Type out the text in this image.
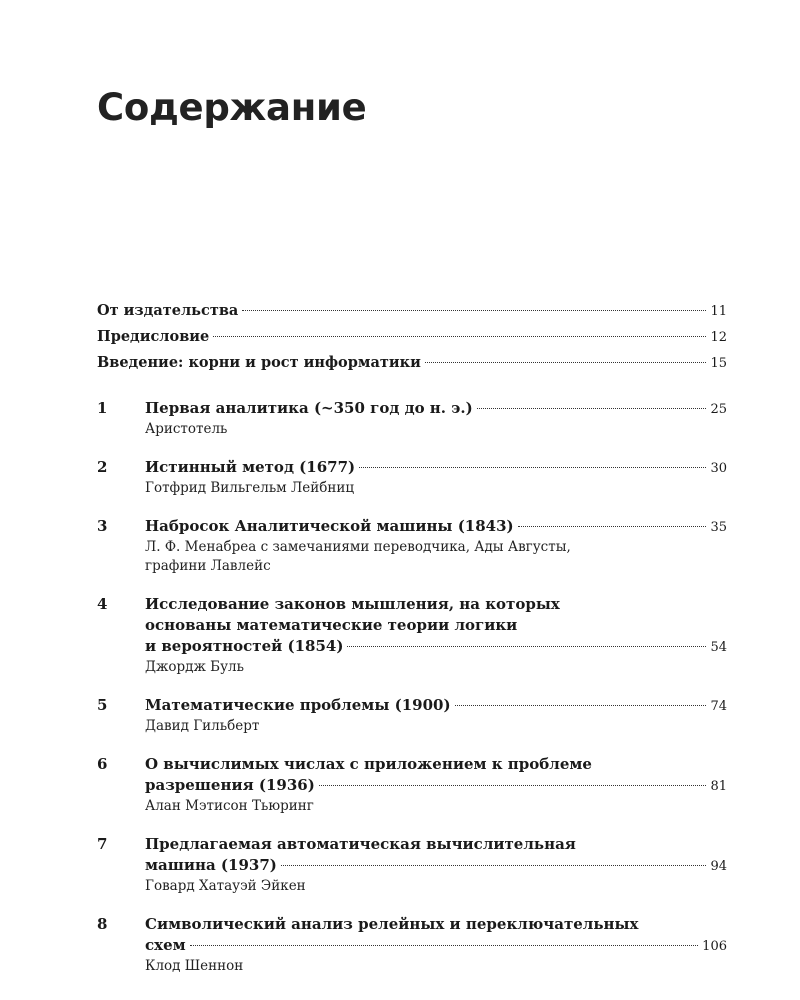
Содержание
От издательства	11
Предисловие	12
Введение: корни и рост информатики	15
1	Первая аналитика (~350 год до н. э.)	25
Аристотель
2	Истинный метод (1677)	30
Готфрид Вильгельм Лейбниц
3	Набросок Аналитической машины (1843)	35
Л. Ф. Менабреа с замечаниями переводчика, Ады Августы,
графини Лавлейс
4	Исследование законов мышления, на которых
основаны математические теории логики
и вероятностей (1854)	54
Джордж Буль
5	Математические проблемы (1900)	74
Давид Гильберт
6	О вычислимых числах с приложением к проблеме
разрешения (1936)	81
Алан Мэтисон Тьюринг
7	Предлагаемая автоматическая вычислительная
машина (1937)	94
Говард Хатауэй Эйкен
8	Символический анализ релейных и переключательных
схем	106
Клод Шеннон
